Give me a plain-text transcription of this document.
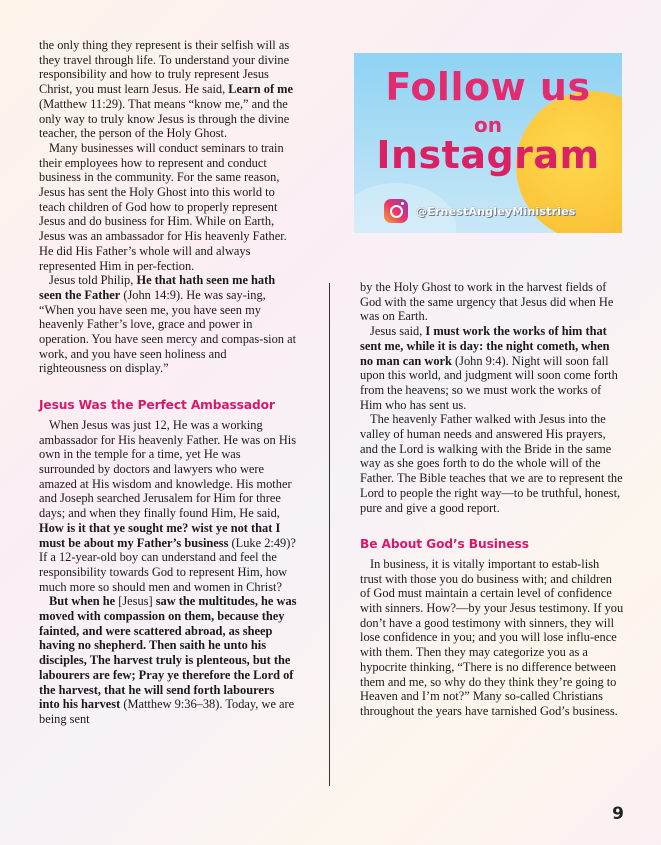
the only thing they represent is their selfish will as they travel through life. To understand your divine responsibility and how to truly represent Jesus Christ, you must learn Jesus. He said, Learn of me (Matthew 11:29). That means “know me,” and the only way to truly know Jesus is through the divine teacher, the person of the Holy Ghost.

Many businesses will conduct seminars to train their employees how to represent and conduct business in the community. For the same reason, Jesus has sent the Holy Ghost into this world to teach children of God how to properly represent Jesus and do business for Him. While on Earth, Jesus was an ambassador for His heavenly Father. He did His Father’s whole will and always represented Him in per-fection.

Jesus told Philip, He that hath seen me hath seen the Father (John 14:9). He was say-ing, “When you have seen me, you have seen my heavenly Father’s love, grace and power in operation. You have seen mercy and compas-sion at work, and you have seen holiness and righteousness on display.”

Jesus Was the Perfect Ambassador

When Jesus was just 12, He was a working ambassador for His heavenly Father. He was on His own in the temple for a time, yet He was surrounded by doctors and lawyers who were amazed at His wisdom and knowledge. His mother and Joseph searched Jerusalem for Him for three days; and when they finally found Him, He said, How is it that ye sought me? wist ye not that I must be about my Father’s business (Luke 2:49)? If a 12-year-old boy can understand and feel the responsibility towards God to represent Him, how much more so should men and women in Christ?

But when he [Jesus] saw the multitudes, he was moved with compassion on them, because they fainted, and were scattered abroad, as sheep having no shepherd. Then saith he unto his disciples, The harvest truly is plenteous, but the labourers are few; Pray ye therefore the Lord of the harvest, that he will send forth labourers into his harvest (Matthew 9:36–38). Today, we are being sent

Follow us
on
Instagram
@ErnestAngleyMinistries

by the Holy Ghost to work in the harvest fields of God with the same urgency that Jesus did when He was on Earth.

Jesus said, I must work the works of him that sent me, while it is day: the night cometh, when no man can work (John 9:4). Night will soon fall upon this world, and judgment will soon come forth from the heavens; so we must work the works of Him who has sent us.

The heavenly Father walked with Jesus into the valley of human needs and answered His prayers, and the Lord is walking with the Bride in the same way as she goes forth to do the whole will of the Father. The Bible teaches that we are to represent the Lord to people the right way—to be truthful, honest, pure and give a good report.

Be About God’s Business

In business, it is vitally important to estab-lish trust with those you do business with; and children of God must maintain a certain level of confidence with sinners. How?—by your Jesus testimony. If you don’t have a good testimony with sinners, they will lose confidence in you; and you will lose influ-ence with them. Then they may categorize you as a hypocrite thinking, “There is no difference between them and me, so why do they think they’re going to Heaven and I’m not?” Many so-called Christians throughout the years have tarnished God’s business.

9
